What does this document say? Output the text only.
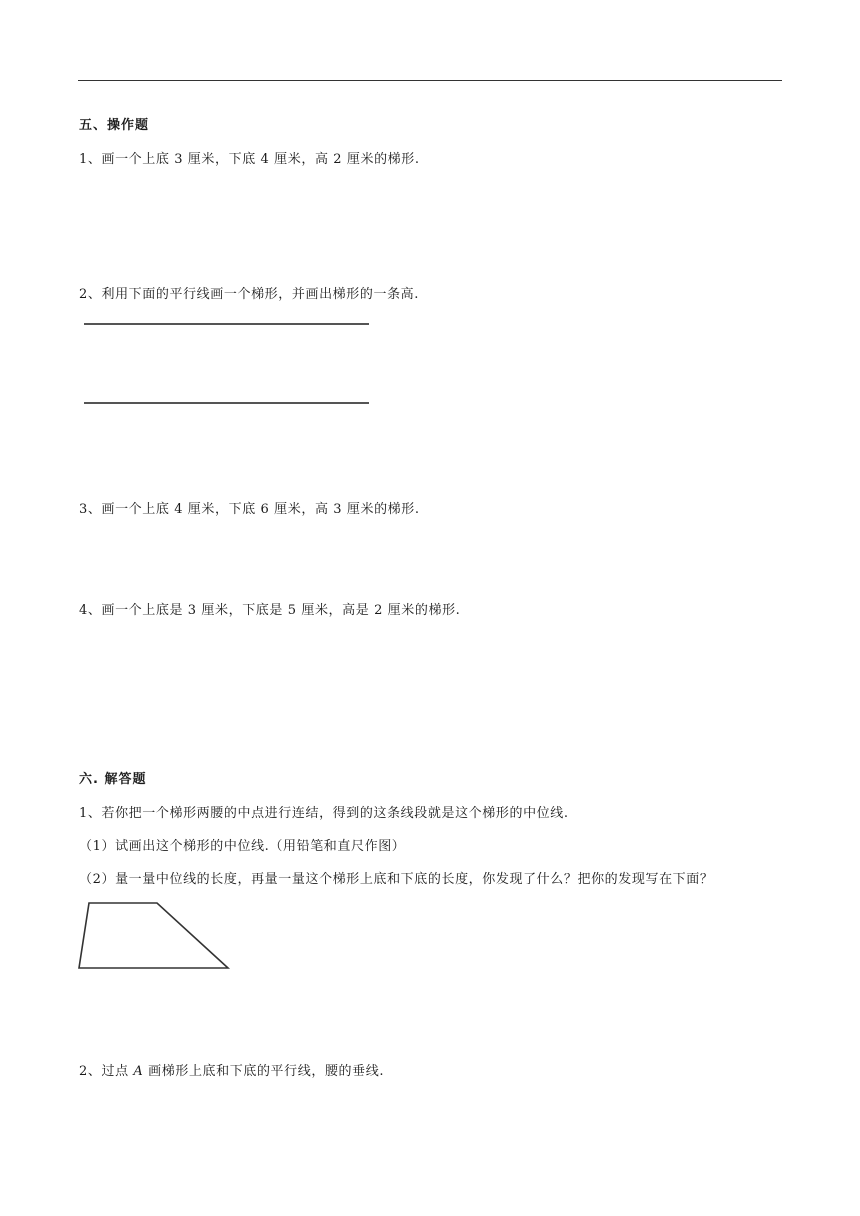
五、操作题
1、画一个上底 3 厘米，下底 4 厘米，高 2 厘米的梯形.
2、利用下面的平行线画一个梯形，并画出梯形的一条高.
3、画一个上底 4 厘米，下底 6 厘米，高 3 厘米的梯形.
4、画一个上底是 3 厘米，下底是 5 厘米，高是 2 厘米的梯形.
六. 解答题
1、若你把一个梯形两腰的中点进行连结，得到的这条线段就是这个梯形的中位线.
（1）试画出这个梯形的中位线.（用铅笔和直尺作图）
（2）量一量中位线的长度，再量一量这个梯形上底和下底的长度，你发现了什么？把你的发现写在下面？
2、过点 A 画梯形上底和下底的平行线，腰的垂线.
